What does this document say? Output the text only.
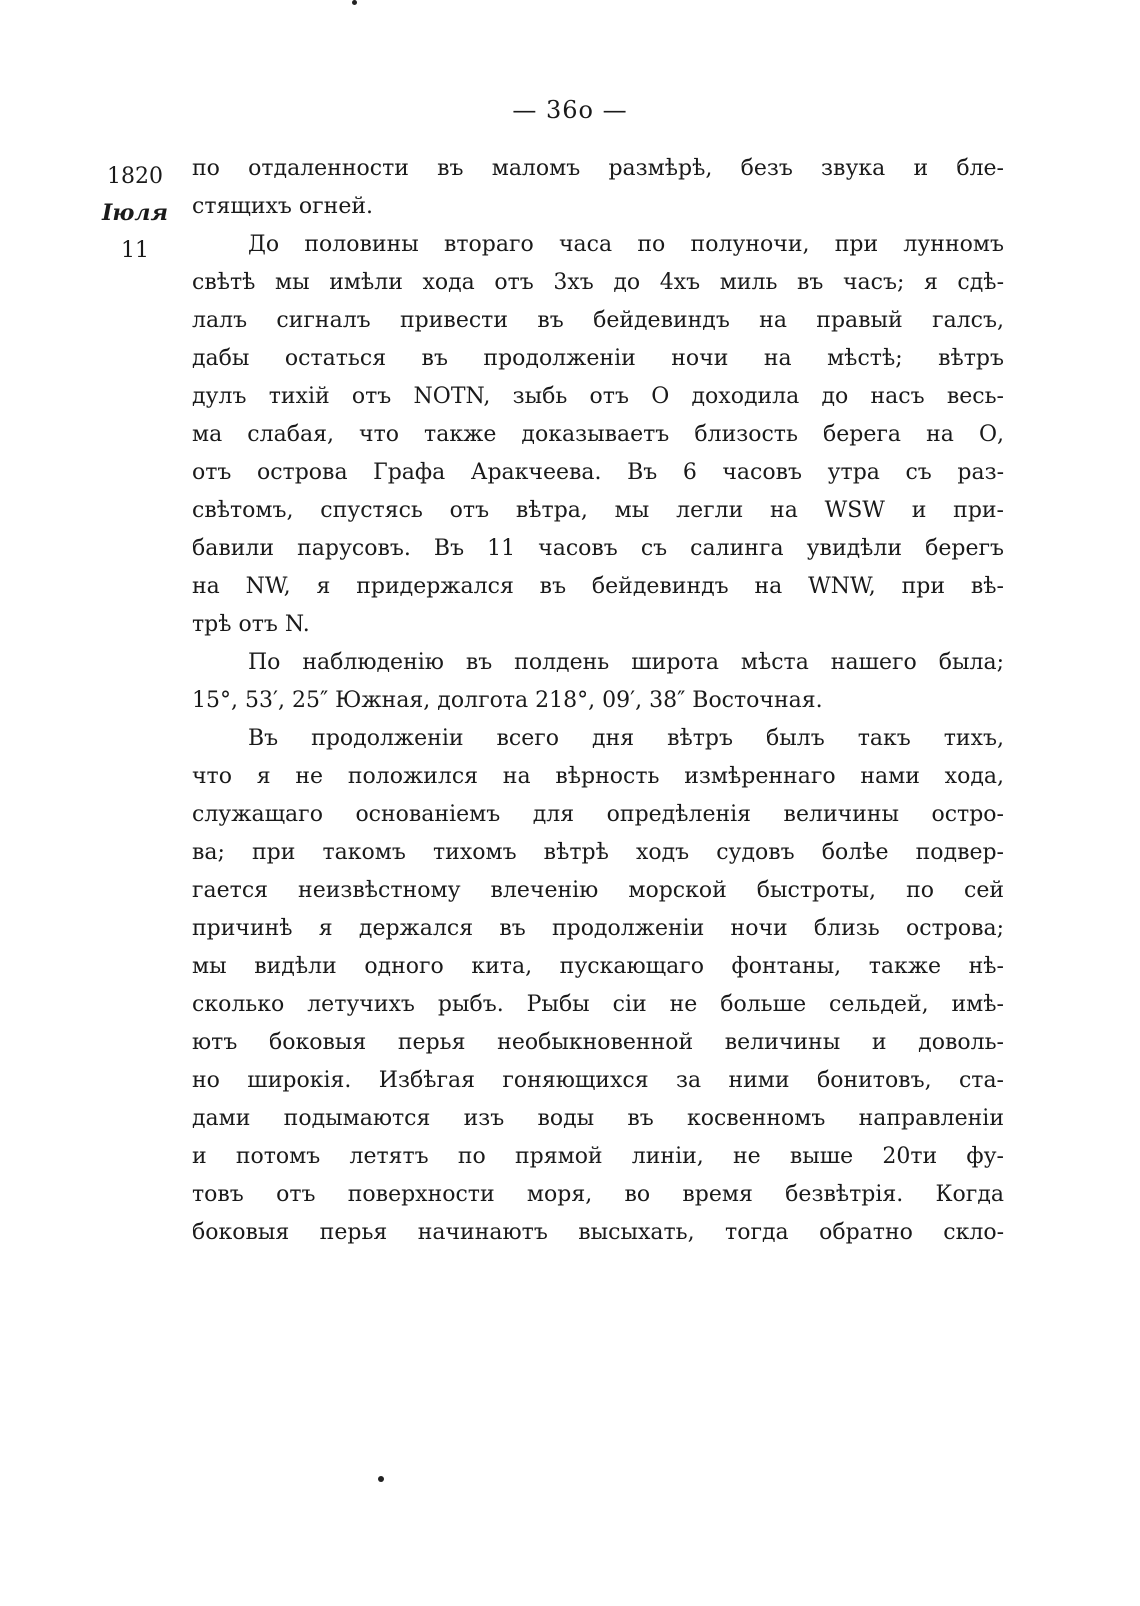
— 36о —
1820
Іюля
11

по отдаленности въ маломъ размѣрѣ, безъ звука и бле-
стящихъ огней.

До половины втораго часа по полуночи, при лунномъ
свѣтѣ мы имѣли хода отъ 3хъ до 4хъ миль въ часъ; я сдѣ-
лалъ сигналъ привести въ бейдевиндъ на правый галсъ,
дабы остаться въ продолженіи ночи на мѣстѣ; вѣтръ
дулъ тихій отъ NOTN, зыбь отъ О доходила до насъ весь-
ма слабая, что также доказываетъ близость берега на О,
отъ острова Графа Аракчеева. Въ 6 часовъ утра съ раз-
свѣтомъ, спустясь отъ вѣтра, мы легли на WSW и при-
бавили парусовъ. Въ 11 часовъ съ салинга увидѣли берегъ
на NW, я придержался въ бейдевиндъ на WNW, при вѣ-
трѣ отъ N.

По наблюденію въ полдень широта мѣста нашего была;
15°, 53′, 25″ Южная, долгота 218°, 09′, 38″ Восточная.

Въ продолженіи всего дня вѣтръ былъ такъ тихъ,
что я не положился на вѣрность измѣреннаго нами хода,
служащаго основаніемъ для опредѣленія величины остро-
ва; при такомъ тихомъ вѣтрѣ ходъ судовъ болѣе подвер-
гается неизвѣстному влеченію морской быстроты, по сей
причинѣ я держался въ продолженіи ночи близь острова;
мы видѣли одного кита, пускающаго фонтаны, также нѣ-
сколько летучихъ рыбъ. Рыбы сіи не больше сельдей, имѣ-
ютъ боковыя перья необыкновенной величины и доволь-
но широкія. Избѣгая гоняющихся за ними бонитовъ, ста-
дами подымаются изъ воды въ косвенномъ направленіи
и потомъ летятъ по прямой линіи, не выше 20ти фу-
товъ отъ поверхности моря, во время безвѣтрія. Когда
боковыя перья начинаютъ высыхать, тогда обратно скло-
